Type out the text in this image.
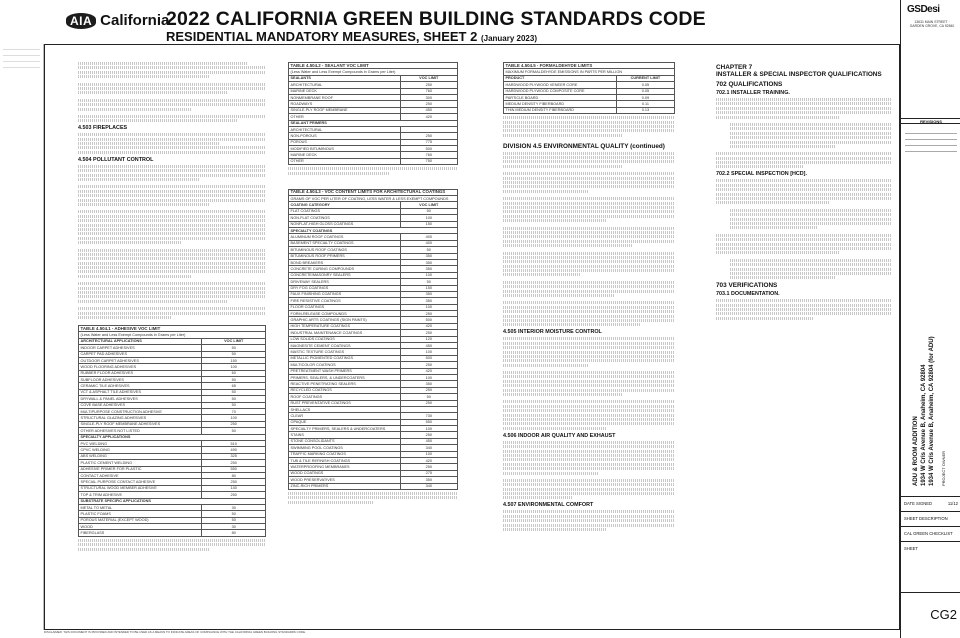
AIA California
2022 CALIFORNIA GREEN BUILDING STANDARDS CODE
RESIDENTIAL MANDATORY MEASURES, SHEET 2 (January 2023)
4.503 FIREPLACES
4.504 POLLUTANT CONTROL
TABLE 4.504.1 - ADHESIVE VOC LIMIT	
(Less Water and Less Exempt Compounds in Grams per Liter)	
ARCHITECTURAL APPLICATIONS	VOC LIMIT
INDOOR CARPET ADHESIVES	50
CARPET PAD ADHESIVES	50
OUTDOOR CARPET ADHESIVES	150
WOOD FLOORING ADHESIVES	100
RUBBER FLOOR ADHESIVES	60
SUBFLOOR ADHESIVES	50
CERAMIC TILE ADHESIVES	65
VCT & ASPHALT TILE ADHESIVES	50
DRYWALL & PANEL ADHESIVES	50
COVE BASE ADHESIVES	50
MULTIPURPOSE CONSTRUCTION ADHESIVE	70
STRUCTURAL GLAZING ADHESIVES	100
SINGLE-PLY ROOF MEMBRANE ADHESIVES	250
OTHER ADHESIVES NOT LISTED	50
SPECIALTY APPLICATIONS	
PVC WELDING	510
CPVC WELDING	490
ABS WELDING	325
PLASTIC CEMENT WELDING	250
ADHESIVE PRIMER FOR PLASTIC	550
CONTACT ADHESIVE	80
SPECIAL PURPOSE CONTACT ADHESIVE	250
STRUCTURAL WOOD MEMBER ADHESIVE	140
TOP & TRIM ADHESIVE	250
SUBSTRATE SPECIFIC APPLICATIONS	
METAL TO METAL	30
PLASTIC FOAMS	50
POROUS MATERIAL (EXCEPT WOOD)	50
WOOD	30
FIBERGLASS	80
TABLE 4.504.2 - SEALANT VOC LIMIT	
(Less Water and Less Exempt Compounds in Grams per Liter)	
SEALANTS	VOC LIMIT
ARCHITECTURAL	250
MARINE DECK	760
NONMEMBRANE ROOF	300
ROADWAYS	250
SINGLE-PLY ROOF MEMBRANE	450
OTHER	420
SEALANT PRIMERS	
ARCHITECTURAL	
NON-POROUS	250
POROUS	775
MODIFIED BITUMINOUS	500
MARINE DECK	760
OTHER	750
TABLE 4.504.3 - VOC CONTENT LIMITS FOR ARCHITECTURAL COATINGS	
GRAMS OF VOC PER LITER OF COATING, LESS WATER & LESS EXEMPT COMPOUNDS	
COATING CATEGORY	VOC LIMIT
FLAT COATINGS	50
NON-FLAT COATINGS	100
NONFLAT-HIGH GLOSS COATINGS	150
SPECIALTY COATINGS	
ALUMINUM ROOF COATINGS	400
BASEMENT SPECIALTY COATINGS	400
BITUMINOUS ROOF COATINGS	50
BITUMINOUS ROOF PRIMERS	350
BOND BREAKERS	350
CONCRETE CURING COMPOUNDS	350
CONCRETE/MASONRY SEALERS	100
DRIVEWAY SEALERS	50
DRY FOG COATINGS	150
FAUX FINISHING COATINGS	350
FIRE RESISTIVE COATINGS	350
FLOOR COATINGS	100
FORM-RELEASE COMPOUNDS	250
GRAPHIC ARTS COATINGS (SIGN PAINTS)	500
HIGH TEMPERATURE COATINGS	420
INDUSTRIAL MAINTENANCE COATINGS	250
LOW SOLIDS COATINGS	120
MAGNESITE CEMENT COATINGS	450
MASTIC TEXTURE COATINGS	100
METALLIC PIGMENTED COATINGS	500
MULTICOLOR COATINGS	250
PRETREATMENT WASH PRIMERS	420
PRIMERS, SEALERS, & UNDERCOATERS	100
REACTIVE PENETRATING SEALERS	350
RECYCLED COATINGS	250
ROOF COATINGS	50
RUST PREVENTATIVE COATINGS	250
SHELLACS	
CLEAR	730
OPAQUE	550
SPECIALTY PRIMERS, SEALERS & UNDERCOATERS	100
STAINS	250
STONE CONSOLIDANTS	450
SWIMMING POOL COATINGS	340
TRAFFIC MARKING COATINGS	100
TUB & TILE REFINISH COATINGS	420
WATERPROOFING MEMBRANES	250
WOOD COATINGS	275
WOOD PRESERVATIVES	350
ZINC-RICH PRIMERS	340
TABLE 4.504.5 - FORMALDEHYDE LIMITS	
MAXIMUM FORMALDEHYDE EMISSIONS IN PARTS PER MILLION	
PRODUCT	CURRENT LIMIT
HARDWOOD PLYWOOD VENEER CORE	0.05
HARDWOOD PLYWOOD COMPOSITE CORE	0.05
PARTICLE BOARD	0.09
MEDIUM DENSITY FIBERBOARD	0.11
THIN MEDIUM DENSITY FIBERBOARD	0.13
DIVISION 4.5 ENVIRONMENTAL QUALITY (continued)
4.505 INTERIOR MOISTURE CONTROL
4.506 INDOOR AIR QUALITY AND EXHAUST
4.507 ENVIRONMENTAL COMFORT
CHAPTER 7
INSTALLER & SPECIAL INSPECTOR QUALIFICATIONS
702 QUALIFICATIONS
702.1 INSTALLER TRAINING.
702.2 SPECIAL INSPECTION [HCD].
703 VERIFICATIONS
703.1 DOCUMENTATION.
GSDesi
13631 MAIN STREET · GARDEN GROVE, CA 92840
REVISIONS
ADU & ROOM ADDITION 1934 W Cris Avenue B, Anaheim, CA 92804 1934 W Cris Avenue B, Anaheim, CA 92804 (for ADU) PROJECT OWNER
DATE SIGNED	11/12
SHEET DESCRIPTION
CAL GREEN CHECKLIST
SHEET
CG2
DISCLAIMER: THIS DOCUMENT IS PROVIDED AND INTENDED TO BE USED AS A MEANS TO INDICATE AREAS OF COMPLIANCE WITH THE CALIFORNIA GREEN BUILDING STANDARDS CODE.
